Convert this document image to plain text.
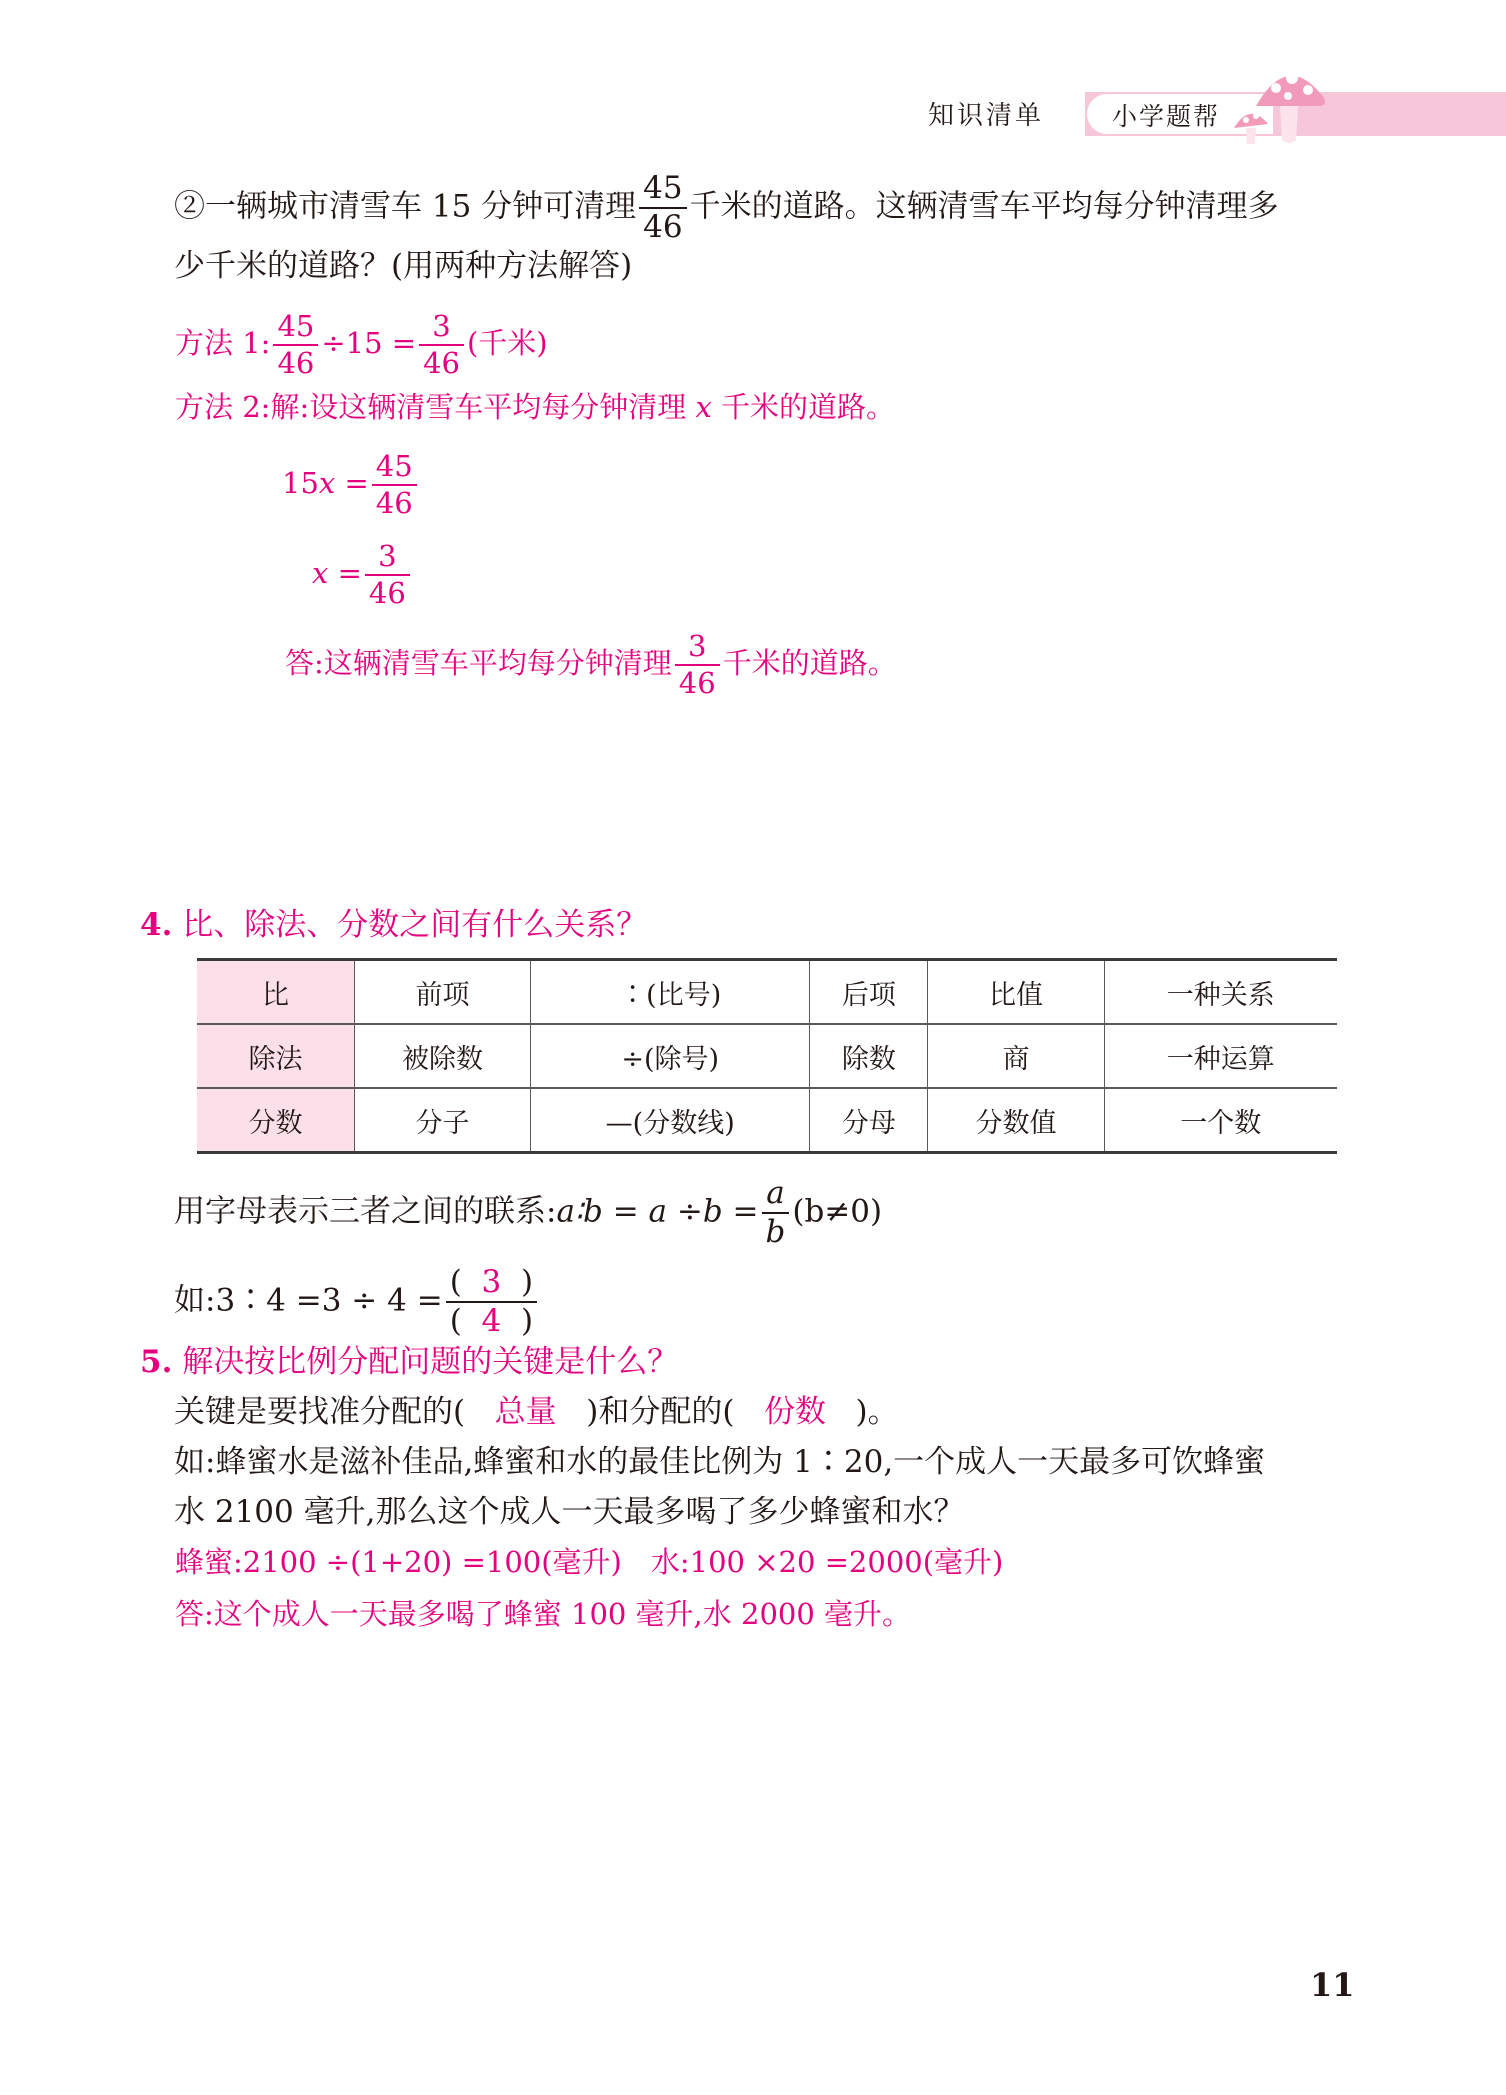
知识清单	小学题帮
②一辆城市清雪车 15 分钟可清理 $\frac{45}{46}$ 千米的道路。这辆清雪车平均每分钟清理多
少千米的道路？(用两种方法解答)
方法 1: $\frac{45}{46} \div 15 = \frac{3}{46}$ (千米)
方法 2:解:设这辆清雪车平均每分钟清理 x 千米的道路。
$15x = \frac{45}{46}$
$x = \frac{3}{46}$
答:这辆清雪车平均每分钟清理 $\frac{3}{46}$ 千米的道路。
4. 比、除法、分数之间有什么关系？
比	前项	∶(比号)	后项	比值	一种关系
除法	被除数	÷(除号)	除数	商	一种运算
分数	分子	—(分数线)	分母	分数值	一个数
用字母表示三者之间的联系:a∶b = $a \div b = \frac{a}{b} (b\ne 0)$
如:3∶4 $=3 \div 4 = \frac{( 3 )}{( 4 )}$
5. 解决按比例分配问题的关键是什么？
关键是要找准分配的( 总量 )和分配的( 份数 )。
如:蜂蜜水是滋补佳品,蜂蜜和水的最佳比例为 1∶20,一个成人一天最多可饮蜂蜜
水 2100 毫升,那么这个成人一天最多喝了多少蜂蜜和水？
蜂蜜:2100 ÷(1+20) =100(毫升)　水:100 ×20 =2000(毫升)
答:这个成人一天最多喝了蜂蜜 100 毫升,水 2000 毫升。
11
